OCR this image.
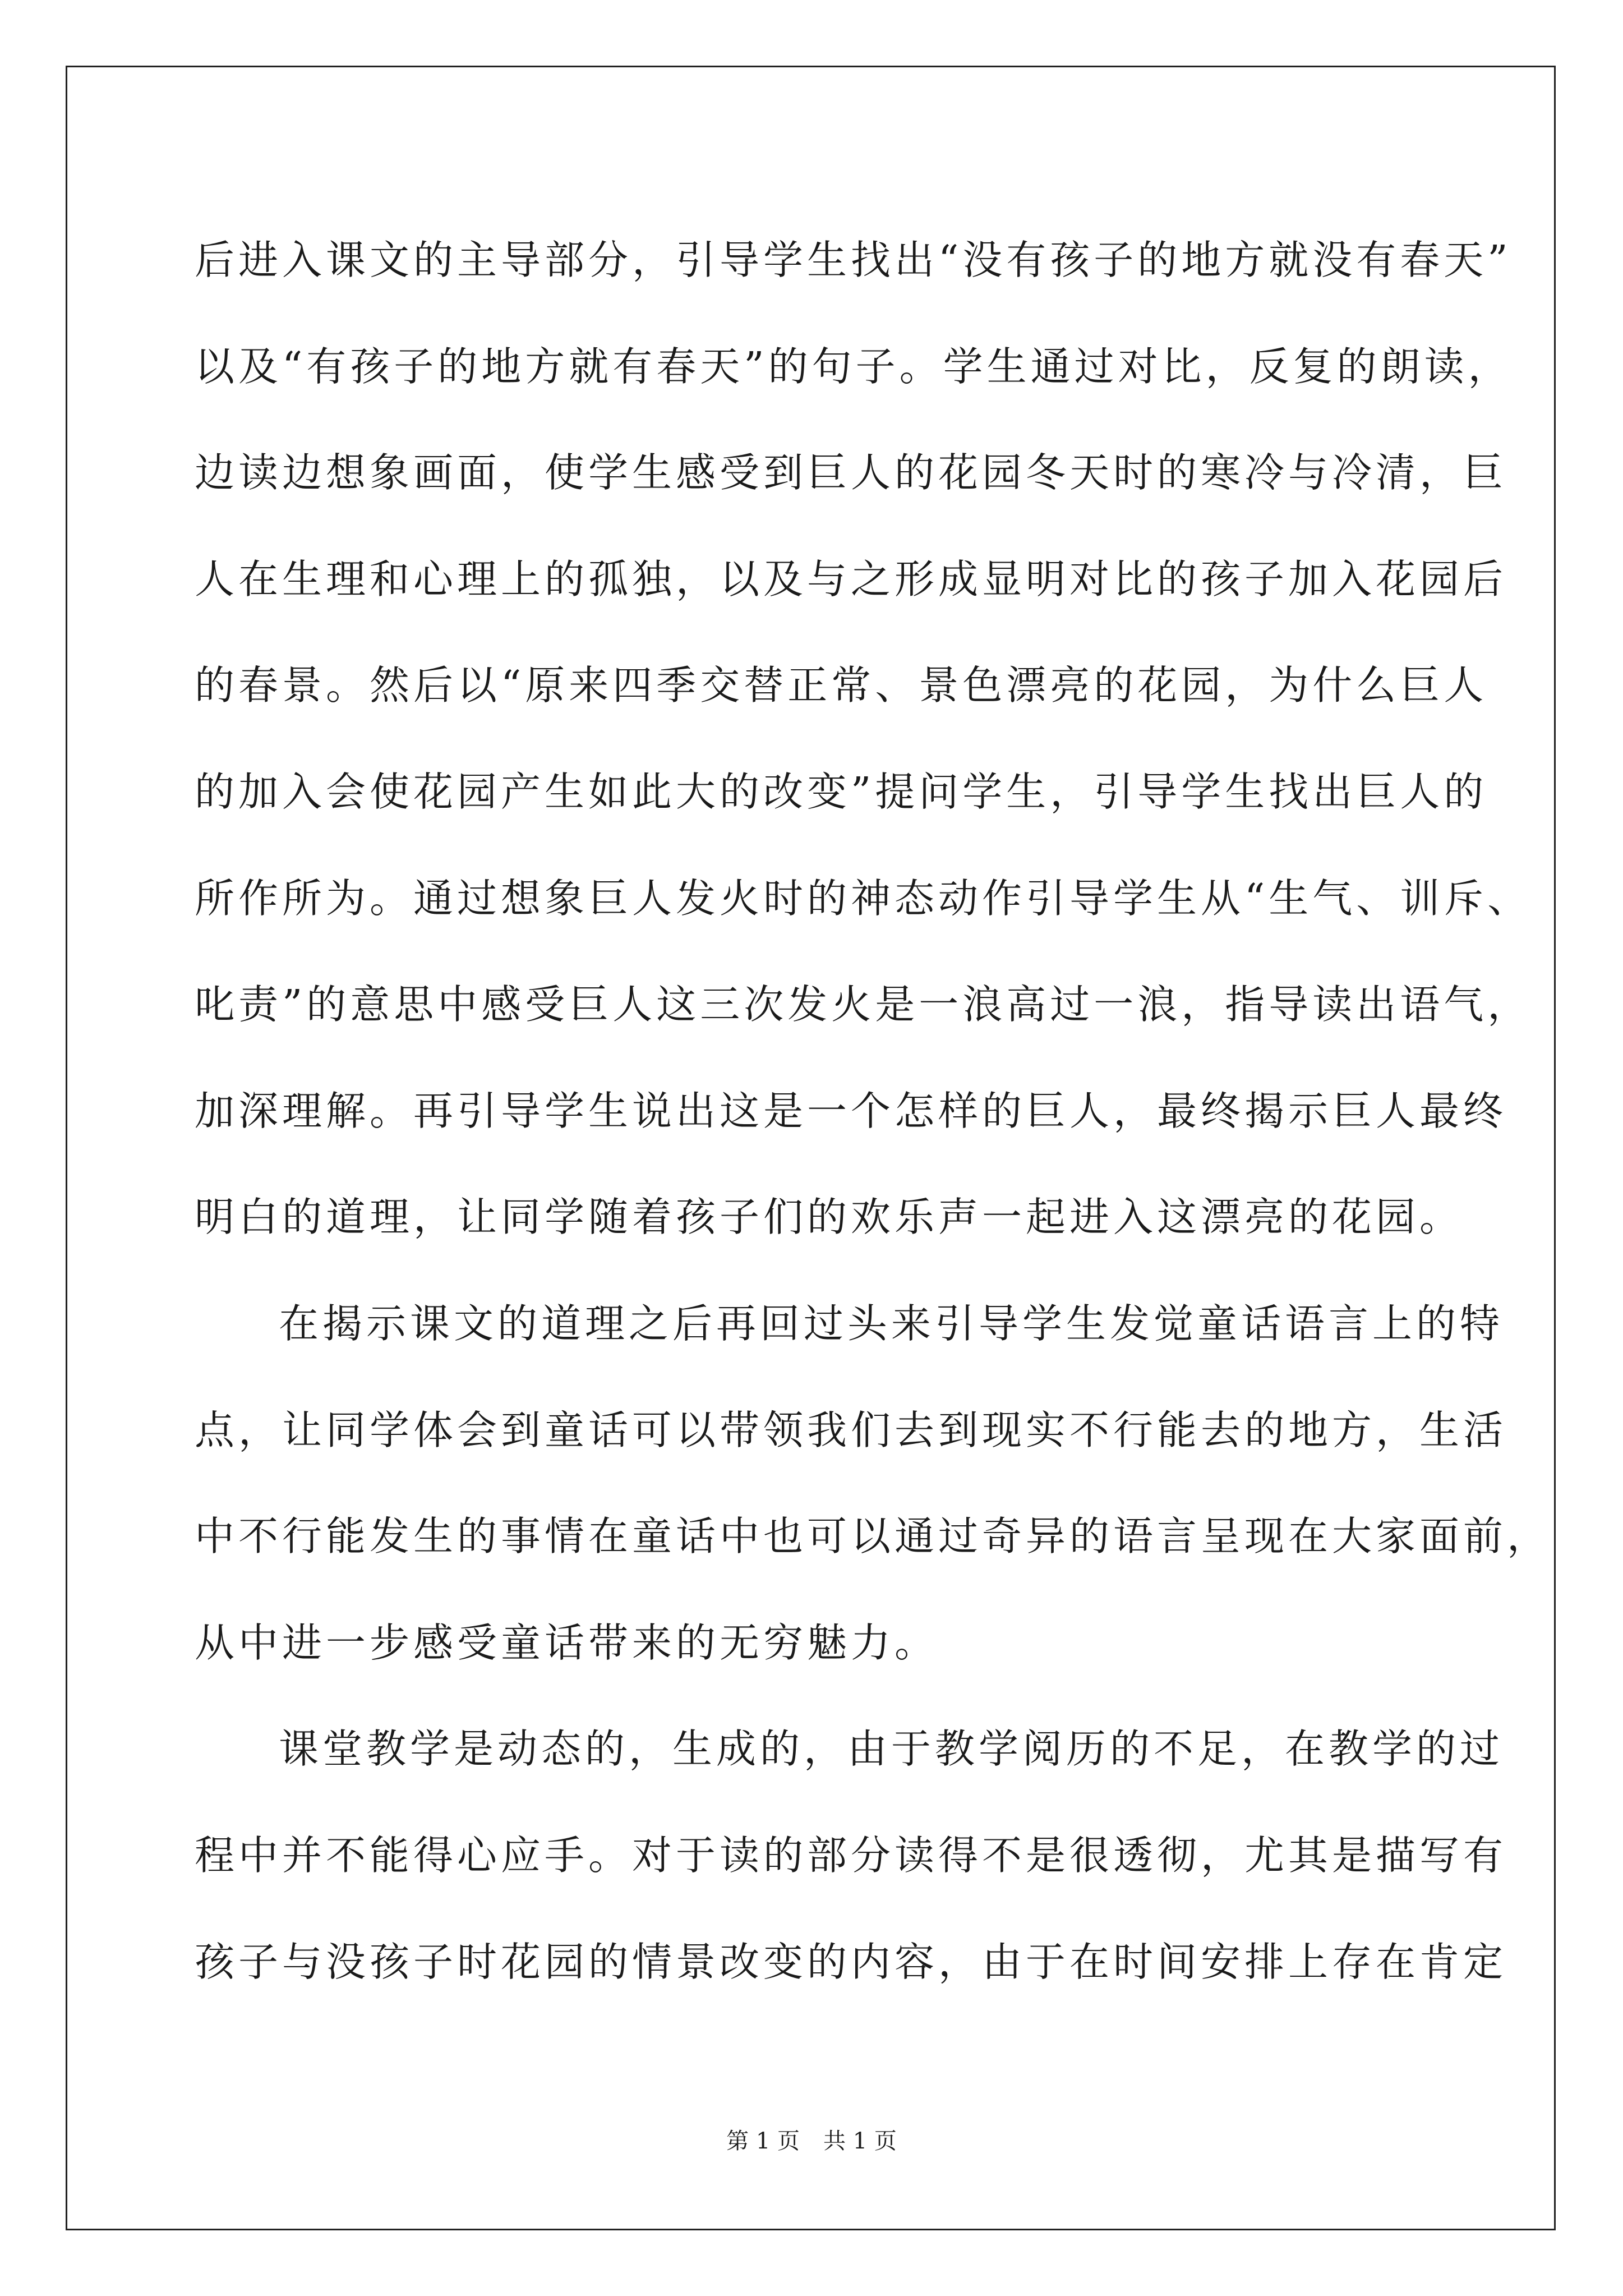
后进入课文的主导部分，引导学生找出“没有孩子的地方就没有春天”
以及“有孩子的地方就有春天”的句子。学生通过对比，反复的朗读，
边读边想象画面，使学生感受到巨人的花园冬天时的寒冷与冷清，巨
人在生理和心理上的孤独，以及与之形成显明对比的孩子加入花园后
的春景。然后以“原来四季交替正常、景色漂亮的花园，为什么巨人
的加入会使花园产生如此大的改变”提问学生，引导学生找出巨人的
所作所为。通过想象巨人发火时的神态动作引导学生从“生气、训斥、
叱责”的意思中感受巨人这三次发火是一浪高过一浪，指导读出语气，
加深理解。再引导学生说出这是一个怎样的巨人，最终揭示巨人最终
明白的道理，让同学随着孩子们的欢乐声一起进入这漂亮的花园。
在揭示课文的道理之后再回过头来引导学生发觉童话语言上的特
点，让同学体会到童话可以带领我们去到现实不行能去的地方，生活
中不行能发生的事情在童话中也可以通过奇异的语言呈现在大家面前，
从中进一步感受童话带来的无穷魅力。
课堂教学是动态的，生成的，由于教学阅历的不足，在教学的过
程中并不能得心应手。对于读的部分读得不是很透彻，尤其是描写有
孩子与没孩子时花园的情景改变的内容，由于在时间安排上存在肯定
第 1 页 共 1 页
